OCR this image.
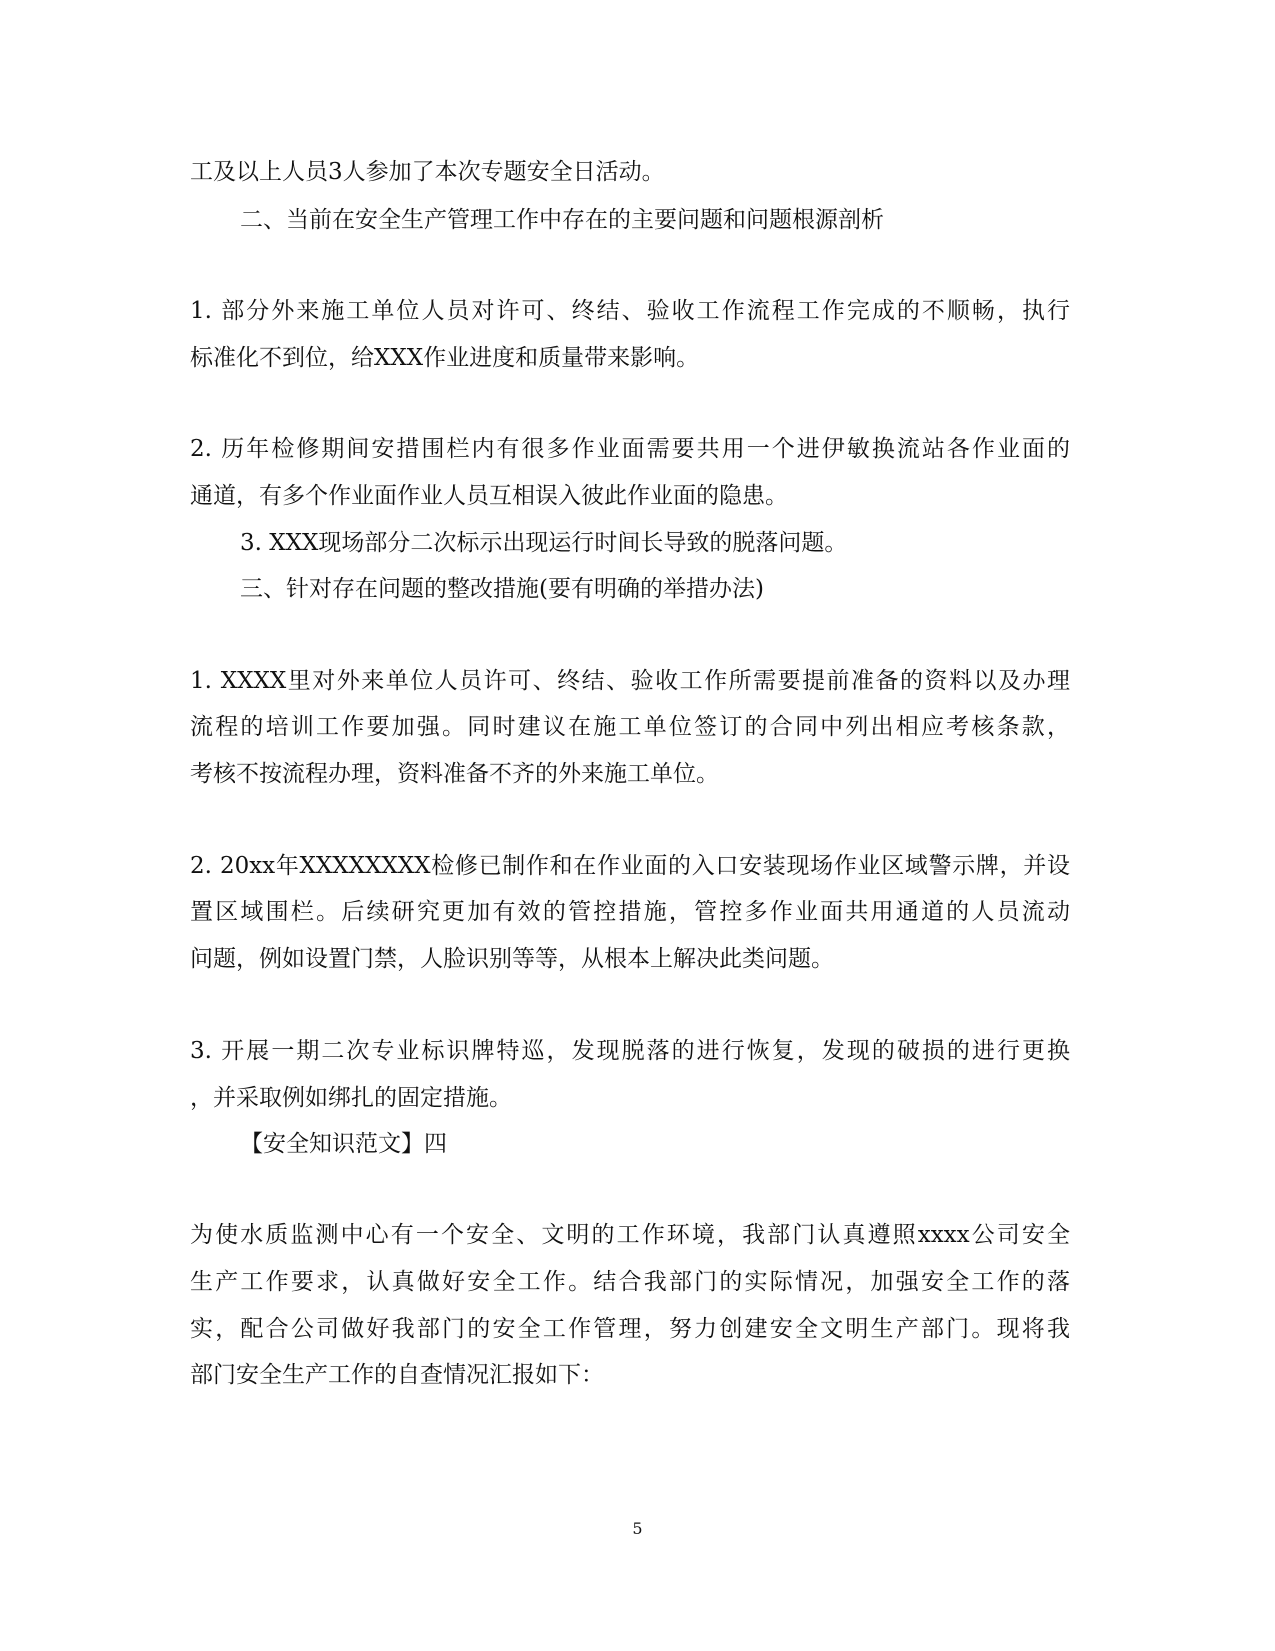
工及以上人员3人参加了本次专题安全日活动。
二、当前在安全生产管理工作中存在的主要问题和问题根源剖析
1. 部分外来施工单位人员对许可、终结、验收工作流程工作完成的不顺畅，执行
标准化不到位，给XXX作业进度和质量带来影响。
2. 历年检修期间安措围栏内有很多作业面需要共用一个进伊敏换流站各作业面的
通道，有多个作业面作业人员互相误入彼此作业面的隐患。
3. XXX现场部分二次标示出现运行时间长导致的脱落问题。
三、针对存在问题的整改措施(要有明确的举措办法)
1. XXXX里对外来单位人员许可、终结、验收工作所需要提前准备的资料以及办理
流程的培训工作要加强。同时建议在施工单位签订的合同中列出相应考核条款，
考核不按流程办理，资料准备不齐的外来施工单位。
2. 20xx年XXXXXXXX检修已制作和在作业面的入口安装现场作业区域警示牌，并设
置区域围栏。后续研究更加有效的管控措施，管控多作业面共用通道的人员流动
问题，例如设置门禁，人脸识别等等，从根本上解决此类问题。
3. 开展一期二次专业标识牌特巡，发现脱落的进行恢复，发现的破损的进行更换
，并采取例如绑扎的固定措施。
【安全知识范文】四
为使水质监测中心有一个安全、文明的工作环境，我部门认真遵照xxxx公司安全
生产工作要求，认真做好安全工作。结合我部门的实际情况，加强安全工作的落
实，配合公司做好我部门的安全工作管理，努力创建安全文明生产部门。现将我
部门安全生产工作的自查情况汇报如下：
5
